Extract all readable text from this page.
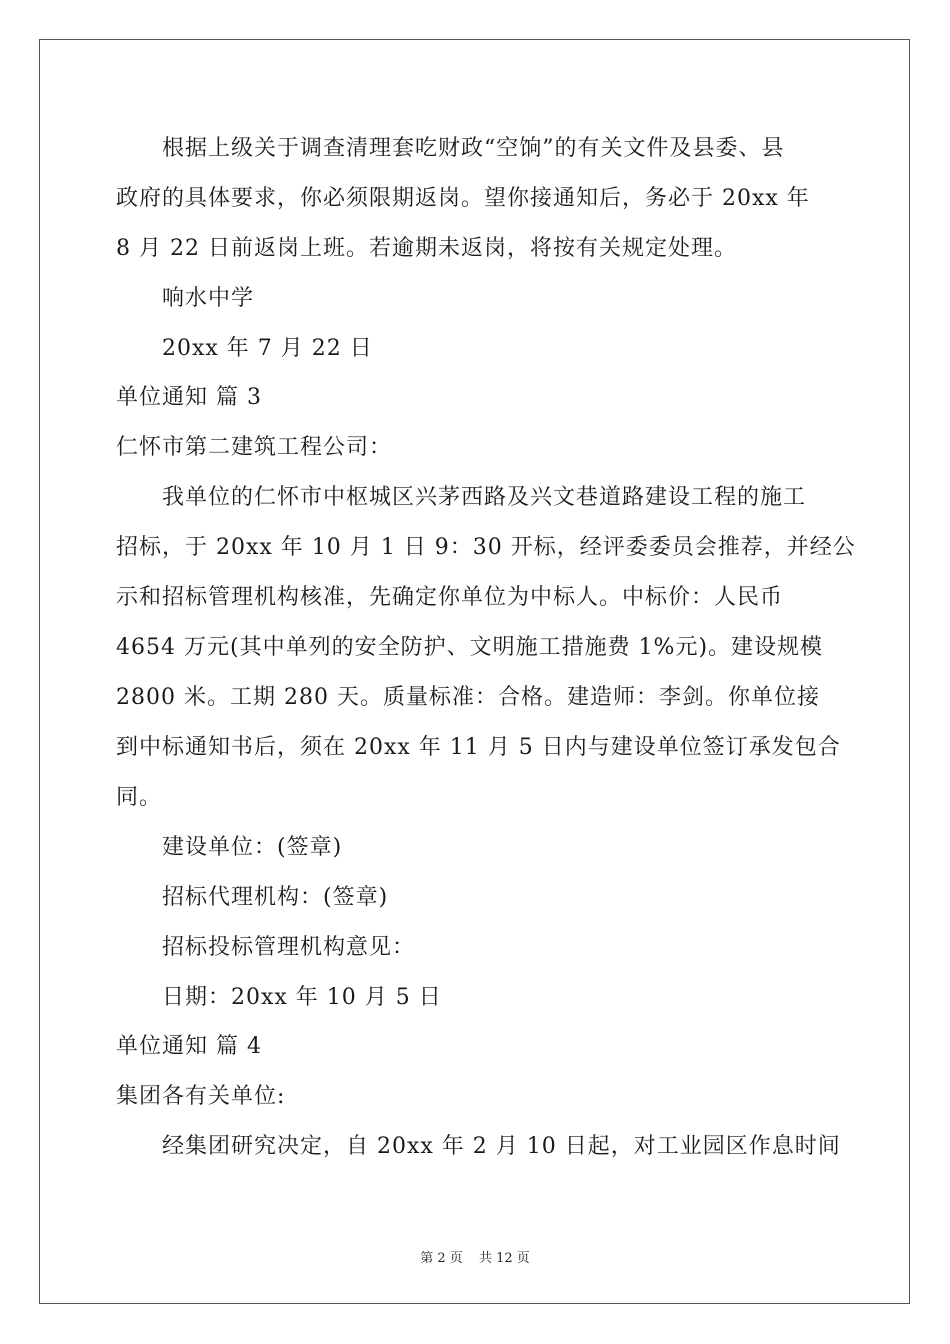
根据上级关于调查清理套吃财政“空饷”的有关文件及县委、县
政府的具体要求，你必须限期返岗。望你接通知后，务必于 20xx 年
8 月 22 日前返岗上班。若逾期未返岗，将按有关规定处理。
响水中学
20xx 年 7 月 22 日
单位通知 篇 3
仁怀市第二建筑工程公司：
我单位的仁怀市中枢城区兴茅西路及兴文巷道路建设工程的施工
招标，于 20xx 年 10 月 1 日 9：30 开标，经评委委员会推荐，并经公
示和招标管理机构核准，先确定你单位为中标人。中标价：人民币
4654 万元(其中单列的安全防护、文明施工措施费 1%元)。建设规模
2800 米。工期 280 天。质量标准：合格。建造师：李剑。你单位接
到中标通知书后，须在 20xx 年 11 月 5 日内与建设单位签订承发包合
同。
建设单位：(签章)
招标代理机构：(签章)
招标投标管理机构意见：
日期：20xx 年 10 月 5 日
单位通知 篇 4
集团各有关单位:
经集团研究决定，自 20xx 年 2 月 10 日起，对工业园区作息时间
第 2 页 共 12 页
